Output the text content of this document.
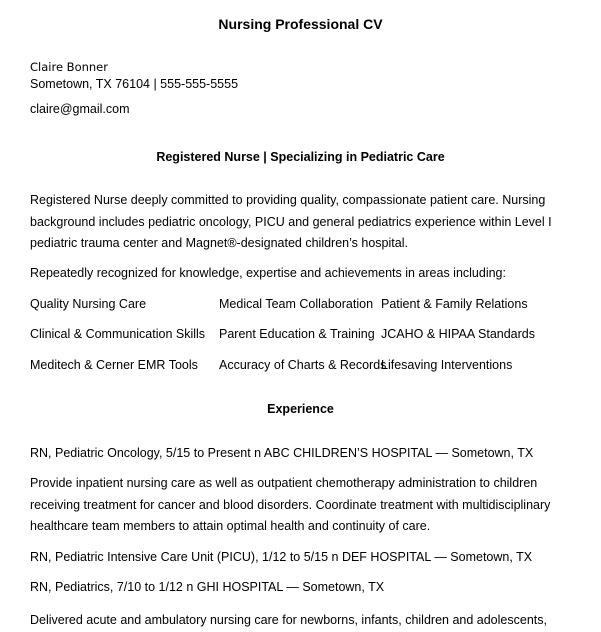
Nursing Professional CV
Claire Bonner
Sometown, TX 76104 | 555-555-5555
claire@gmail.com
Registered Nurse | Specializing in Pediatric Care
Registered Nurse deeply committed to providing quality, compassionate patient care. Nursing
background includes pediatric oncology, PICU and general pediatrics experience within Level I
pediatric trauma center and Magnet®-designated children’s hospital.
Repeatedly recognized for knowledge, expertise and achievements in areas including:
Quality Nursing Care	Medical Team Collaboration Patient & Family Relations
Clinical & Communication Skills Parent Education & Training JCAHO & HIPAA Standards
Meditech & Cerner EMR Tools Accuracy of Charts & Records
Lifesaving Interventions
Experience
RN, Pediatric Oncology, 5/15 to Present n ABC CHILDREN’S HOSPITAL — Sometown, TX
Provide inpatient nursing care as well as outpatient chemotherapy administration to children
receiving treatment for cancer and blood disorders. Coordinate treatment with multidisciplinary
healthcare team members to attain optimal health and continuity of care.
RN, Pediatric Intensive Care Unit (PICU), 1/12 to 5/15 n DEF HOSPITAL — Sometown, TX
RN, Pediatrics, 7/10 to 1/12 n GHI HOSPITAL — Sometown, TX
Delivered acute and ambulatory nursing care for newborns, infants, children and adolescents,
